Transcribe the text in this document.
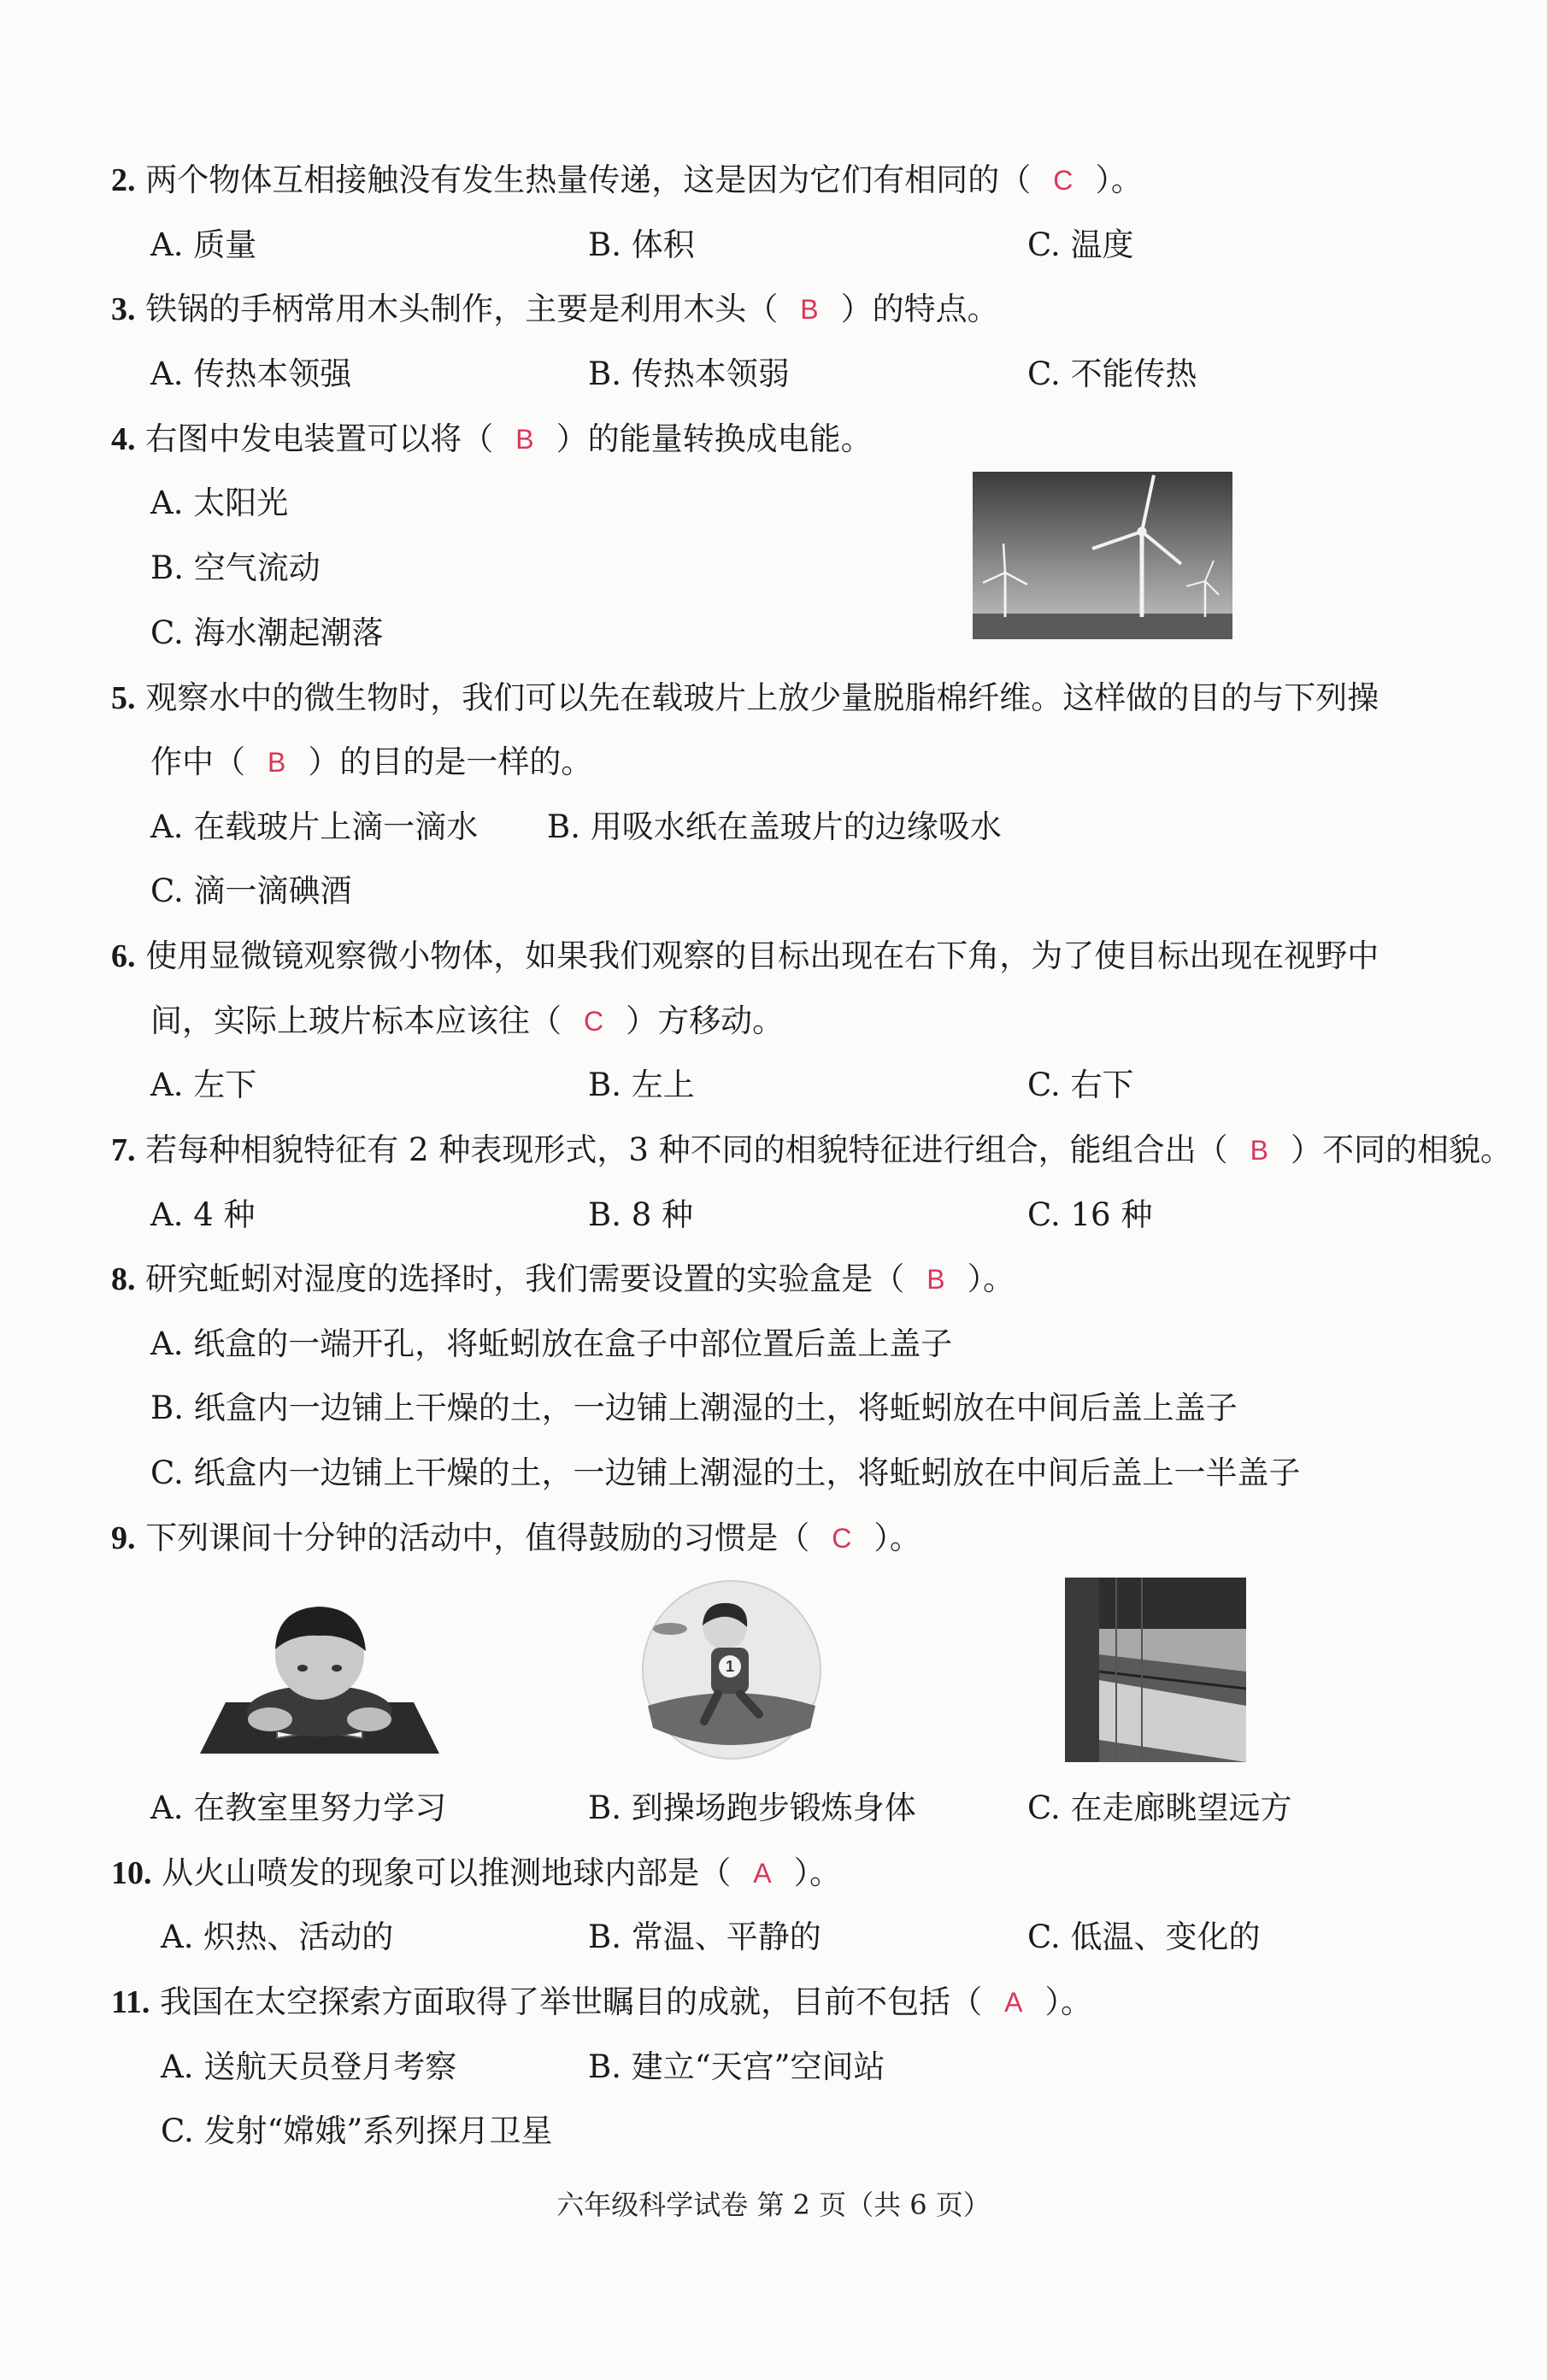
2. 两个物体互相接触没有发生热量传递，这是因为它们有相同的（ C ）。
A. 质量	B. 体积	C. 温度
3. 铁锅的手柄常用木头制作，主要是利用木头（ B ）的特点。
A. 传热本领强	B. 传热本领弱	C. 不能传热
4. 右图中发电装置可以将（ B ）的能量转换成电能。
A. 太阳光
B. 空气流动
C. 海水潮起潮落
5. 观察水中的微生物时，我们可以先在载玻片上放少量脱脂棉纤维。这样做的目的与下列操
作中（ B ）的目的是一样的。
A. 在载玻片上滴一滴水 B. 用吸水纸在盖玻片的边缘吸水
C. 滴一滴碘酒
6. 使用显微镜观察微小物体，如果我们观察的目标出现在右下角，为了使目标出现在视野中
间，实际上玻片标本应该往（ C ）方移动。
A. 左下	B. 左上	C. 右下
7. 若每种相貌特征有 2 种表现形式，3 种不同的相貌特征进行组合，能组合出（ B ）不同的相貌。
A. 4 种	B. 8 种	C. 16 种
8. 研究蚯蚓对湿度的选择时，我们需要设置的实验盒是（ B ）。
A. 纸盒的一端开孔，将蚯蚓放在盒子中部位置后盖上盖子
B. 纸盒内一边铺上干燥的土，一边铺上潮湿的土，将蚯蚓放在中间后盖上盖子
C. 纸盒内一边铺上干燥的土，一边铺上潮湿的土，将蚯蚓放在中间后盖上一半盖子
9. 下列课间十分钟的活动中，值得鼓励的习惯是（ C ）。
1
A. 在教室里努力学习	B. 到操场跑步锻炼身体	C. 在走廊眺望远方
10. 从火山喷发的现象可以推测地球内部是（ A ）。
A. 炽热、活动的	B. 常温、平静的	C. 低温、变化的
11. 我国在太空探索方面取得了举世瞩目的成就，目前不包括（ A ）。
A. 送航天员登月考察	B. 建立“天宫”空间站
C. 发射“嫦娥”系列探月卫星
六年级科学试卷 第 2 页（共 6 页）
